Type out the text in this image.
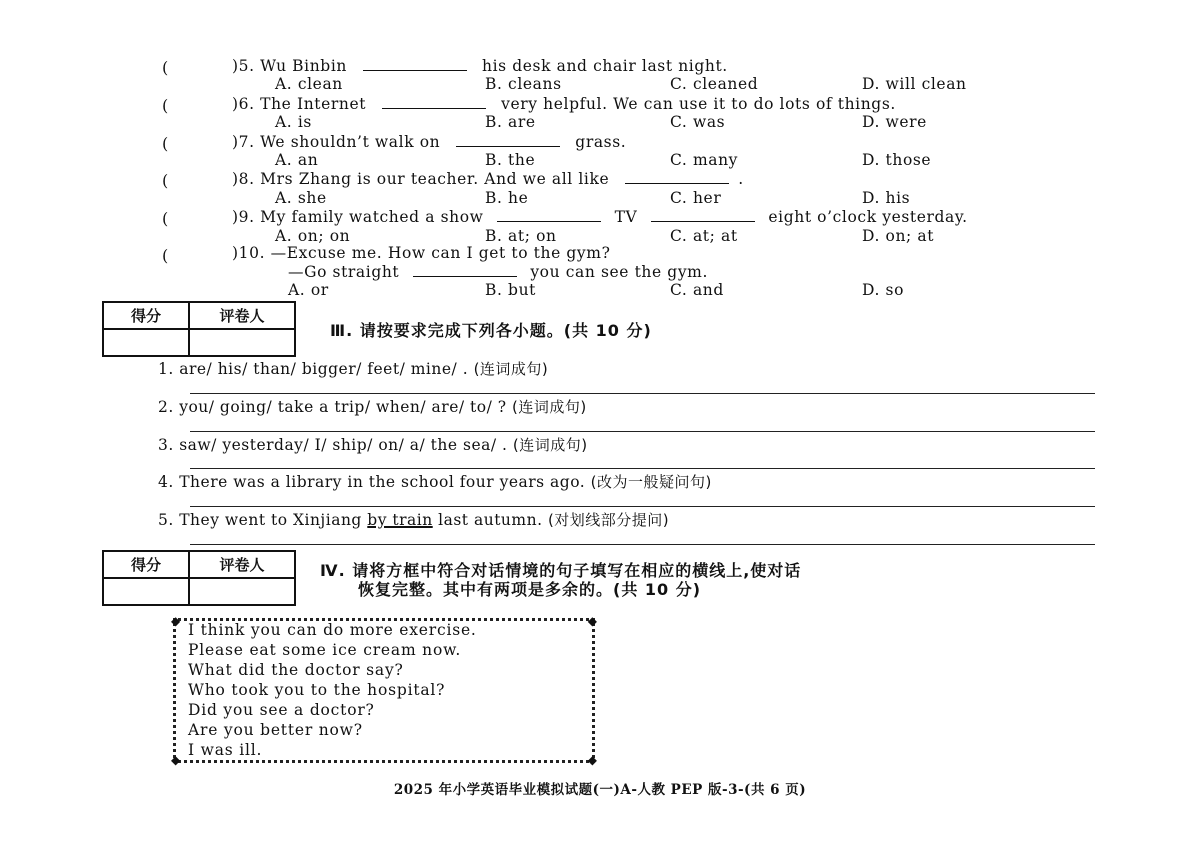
(	)5. Wu Binbin	his desk and chair last night.
A. clean	B. cleans	C. cleaned	D. will clean
(	)6. The Internet	very helpful. We can use it to do lots of things.
A. is	B. are	C. was	D. were
(	)7. We shouldn’t walk on	grass.
A. an	B. the	C. many	D. those
(	)8. Mrs Zhang is our teacher. And we all like	.
A. she	B. he	C. her	D. his
(	)9. My family watched a show	TV	eight o’clock yesterday.
A. on; on	B. at; on	C. at; at	D. on; at
(	)10. —Excuse me. How can I get to the gym?
—Go straight	you can see the gym.
A. or	B. but	C. and	D. so
得分	评卷人

Ⅲ. 请按要求完成下列各小题。(共 10 分)
1. are/ his/ than/ bigger/ feet/ mine/ . (连词成句)
2. you/ going/ take a trip/ when/ are/ to/ ? (连词成句)
3. saw/ yesterday/ I/ ship/ on/ a/ the sea/ . (连词成句)
4. There was a library in the school four years ago. (改为一般疑问句)
5. They went to Xinjiang by train last autumn. (对划线部分提问)
得分	评卷人
		Ⅳ. 请将方框中符合对话情境的句子填写在相应的横线上,使对话
恢复完整。其中有两项是多余的。(共 10 分)
◆	◆
◆	◆
I think you can do more exercise.
Please eat some ice cream now.
What did the doctor say?
Who took you to the hospital?
Did you see a doctor?
Are you better now?
I was ill.
2025 年小学英语毕业模拟试题(一)A-人教 PEP 版-3-(共 6 页)
